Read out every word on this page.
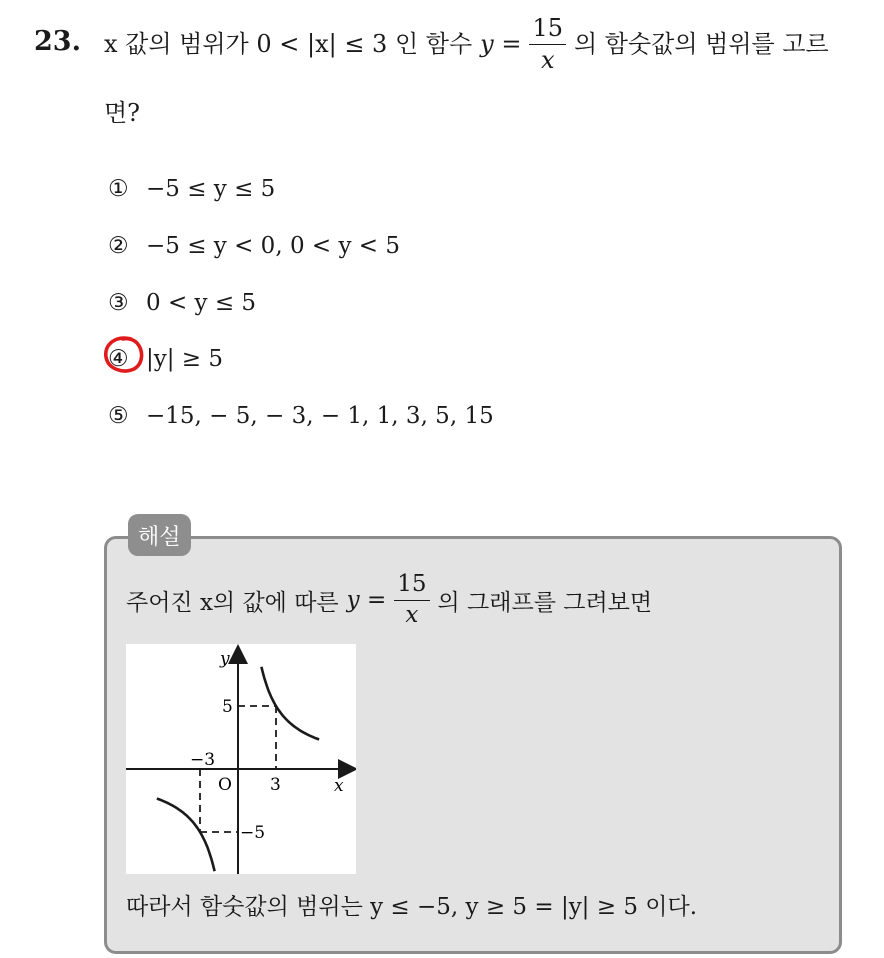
23. x 값의 범위가 0 < |x| ≤ 3 인 함수 $y = \frac{15}{x}$ 의 함숫값의 범위를 고르
면?
① −5 ≤ y ≤ 5
② −5 ≤ y < 0, 0 < y < 5
③ 0 < y ≤ 5
④ |y| ≥ 5
⑤ −15, − 5, − 3, − 1, 1, 3, 5, 15
해설
주어진 x의 값에 따른 $y = \frac{15}{x}$ 의 그래프를 그려보면
y
x
O
5
−5
3
−3
따라서 함숫값의 범위는 y ≤ −5, y ≥ 5 = |y| ≥ 5 이다.
